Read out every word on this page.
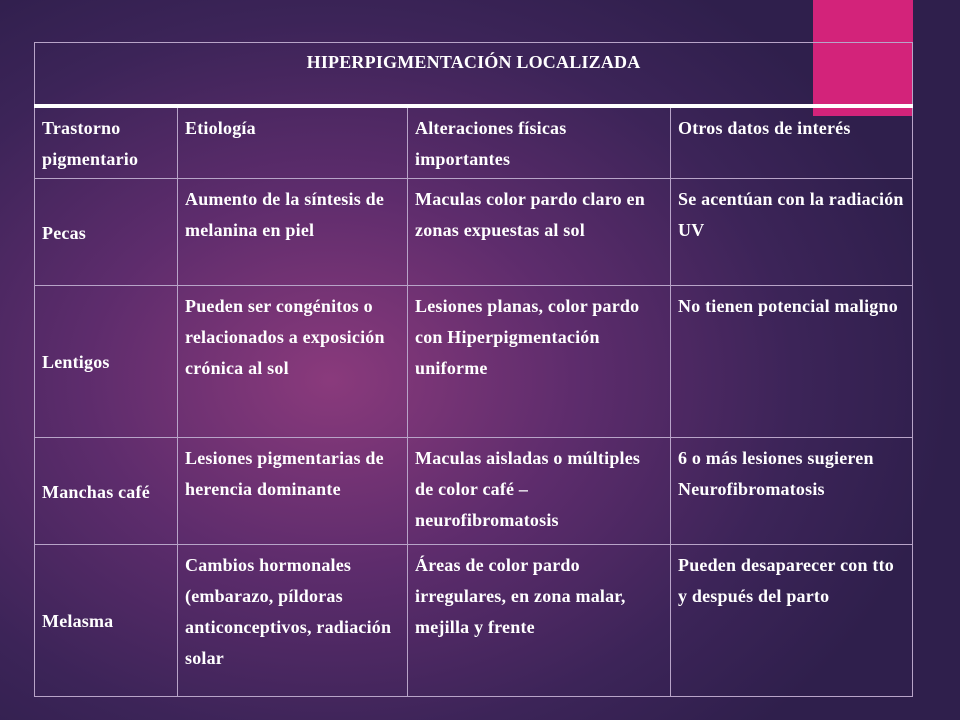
HIPERPIGMENTACIÓN LOCALIZADA			
Trastorno pigmentario	Etiología	Alteraciones físicas importantes	Otros datos de interés
Pecas	Aumento de la síntesis de melanina en piel	Maculas color pardo claro en zonas expuestas al sol	Se acentúan con la radiación UV
Lentigos	Pueden ser congénitos o relacionados a exposición crónica al sol	Lesiones planas, color pardo con Hiperpigmentación uniforme	No tienen potencial maligno
Manchas café	Lesiones pigmentarias de herencia dominante	Maculas aisladas o múltiples de color café – neurofibromatosis	6 o más lesiones sugieren Neurofibromatosis
Melasma	Cambios hormonales (embarazo, píldoras anticonceptivos, radiación solar	Áreas de color pardo irregulares, en zona malar, mejilla y frente	Pueden desaparecer con tto y después del parto
